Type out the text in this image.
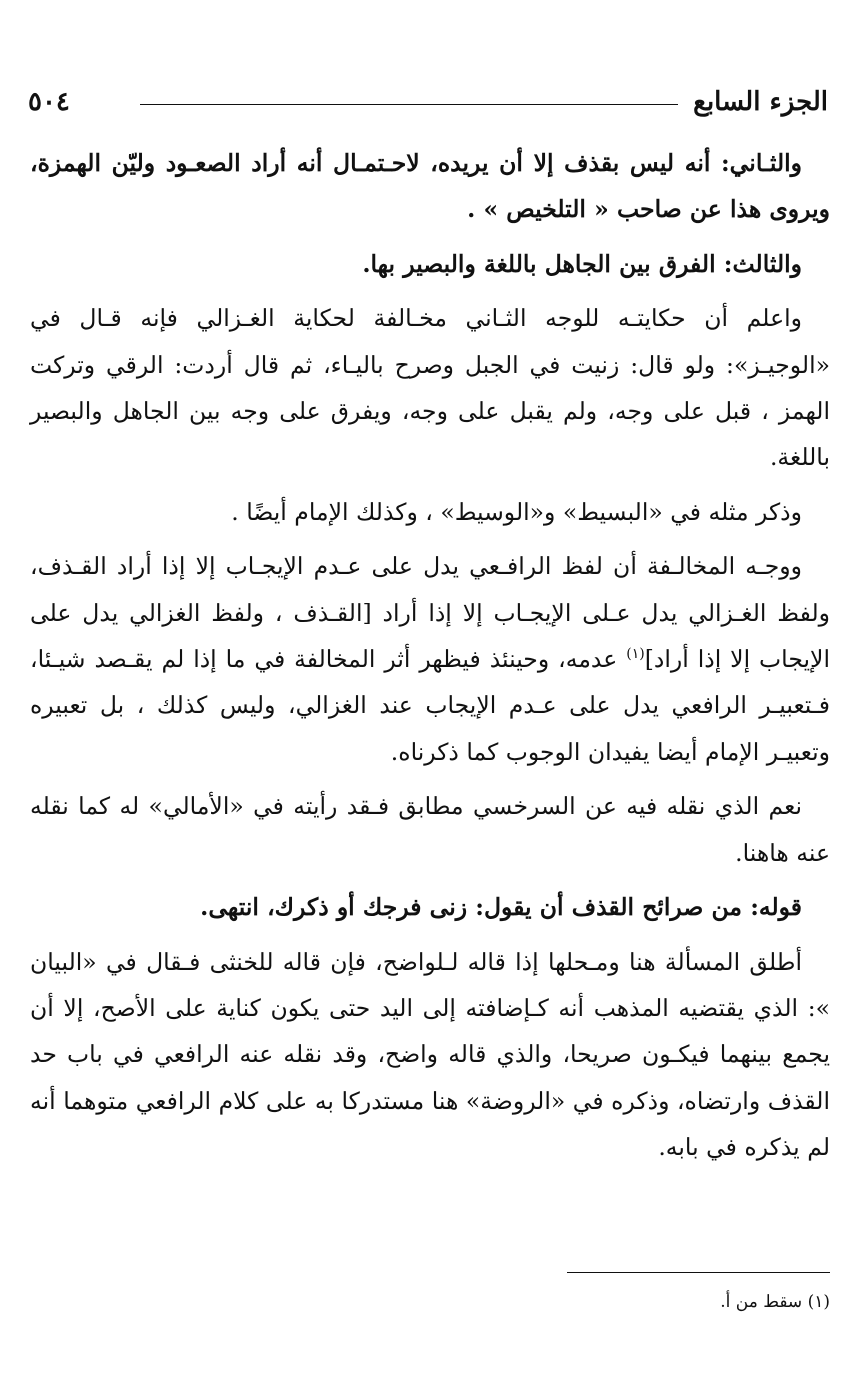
الجزء السابع
٥٠٤

والثـاني: أنه ليس بقذف إلا أن يريده، لاحـتمـال أنه أراد الصعـود وليّن الهمزة، ويروى هذا عن صاحب « التلخيص » .

والثالث: الفرق بين الجاهل باللغة والبصير بها.

واعلم أن حكايتـه للوجه الثـاني مخـالفة لحكاية الغـزالي فإنه قـال في «الوجيـز»: ولو قال: زنيت في الجبل وصرح باليـاء، ثم قال أردت: الرقي وتركت الهمز ، قبل على وجه، ولم يقبل على وجه، ويفرق على وجه بين الجاهل والبصير باللغة.

وذكر مثله في «البسيط» و«الوسيط» ، وكذلك الإمام أيضًا .

ووجـه المخالـفة أن لفظ الرافـعي يدل على عـدم الإيجـاب إلا إذا أراد القـذف، ولفظ الغـزالي يدل عـلى الإيجـاب إلا إذا أراد [القـذف ، ولفظ الغزالي يدل على الإيجاب إلا إذا أراد]$^{(١)}$ عدمه، وحينئذ فيظهر أثر المخالفة في ما إذا لم يقـصد شيـئا، فـتعبيـر الرافعي يدل على عـدم الإيجاب عند الغزالي، وليس كذلك ، بل تعبيره وتعبيـر الإمام أيضا يفيدان الوجوب كما ذكرناه.

نعم الذي نقله فيه عن السرخسي مطابق فـقد رأيته في «الأمالي» له كما نقله عنه هاهنا.

قوله: من صرائح القذف أن يقول: زنى فرجك أو ذكرك، انتهى.

أطلق المسألة هنا ومـحلها إذا قاله لـلواضح، فإن قاله للخنثى فـقال في «البيان »: الذي يقتضيه المذهب أنه كـإضافته إلى اليد حتى يكون كناية على الأصح، إلا أن يجمع بينهما فيكـون صريحا، والذي قاله واضح، وقد نقله عنه الرافعي في باب حد القذف وارتضاه، وذكره في «الروضة» هنا مستدركا به على كلام الرافعي متوهما أنه لم يذكره في بابه.

(١) سقط من أ.
